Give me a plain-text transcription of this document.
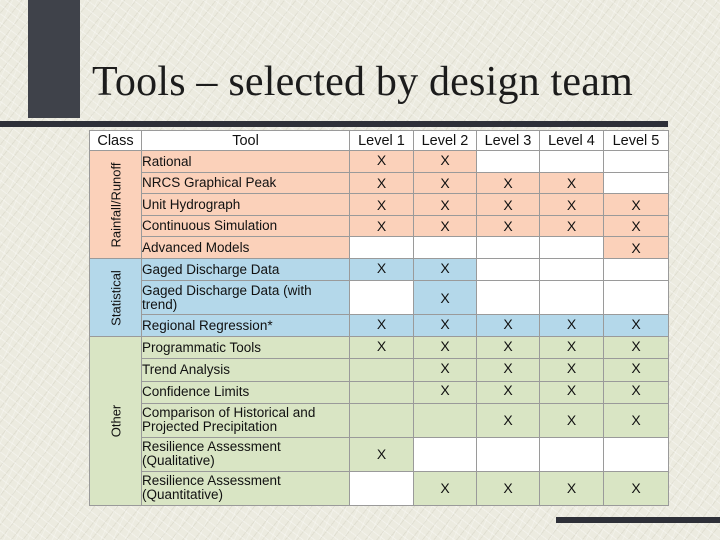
Tools – selected by design team
Class	Tool	Level 1	Level 2	Level 3	Level 4	Level 5

Rainfall/Runoff	Rational	X	X			
	NRCS Graphical Peak	X	X	X	X	
	Unit Hydrograph	X	X	X	X	X
	Continuous Simulation	X	X	X	X	X
	Advanced Models					X

Statistical	Gaged Discharge Data	X	X			
	Gaged Discharge Data (with trend)		X			
	Regional Regression*	X	X	X	X	X

Other	Programmatic Tools	X	X	X	X	X
	Trend Analysis		X	X	X	X
	Confidence Limits		X	X	X	X
	Comparison of Historical and Projected Precipitation			X	X	X
	Resilience Assessment (Qualitative)	X				
	Resilience Assessment (Quantitative)		X	X	X	X
